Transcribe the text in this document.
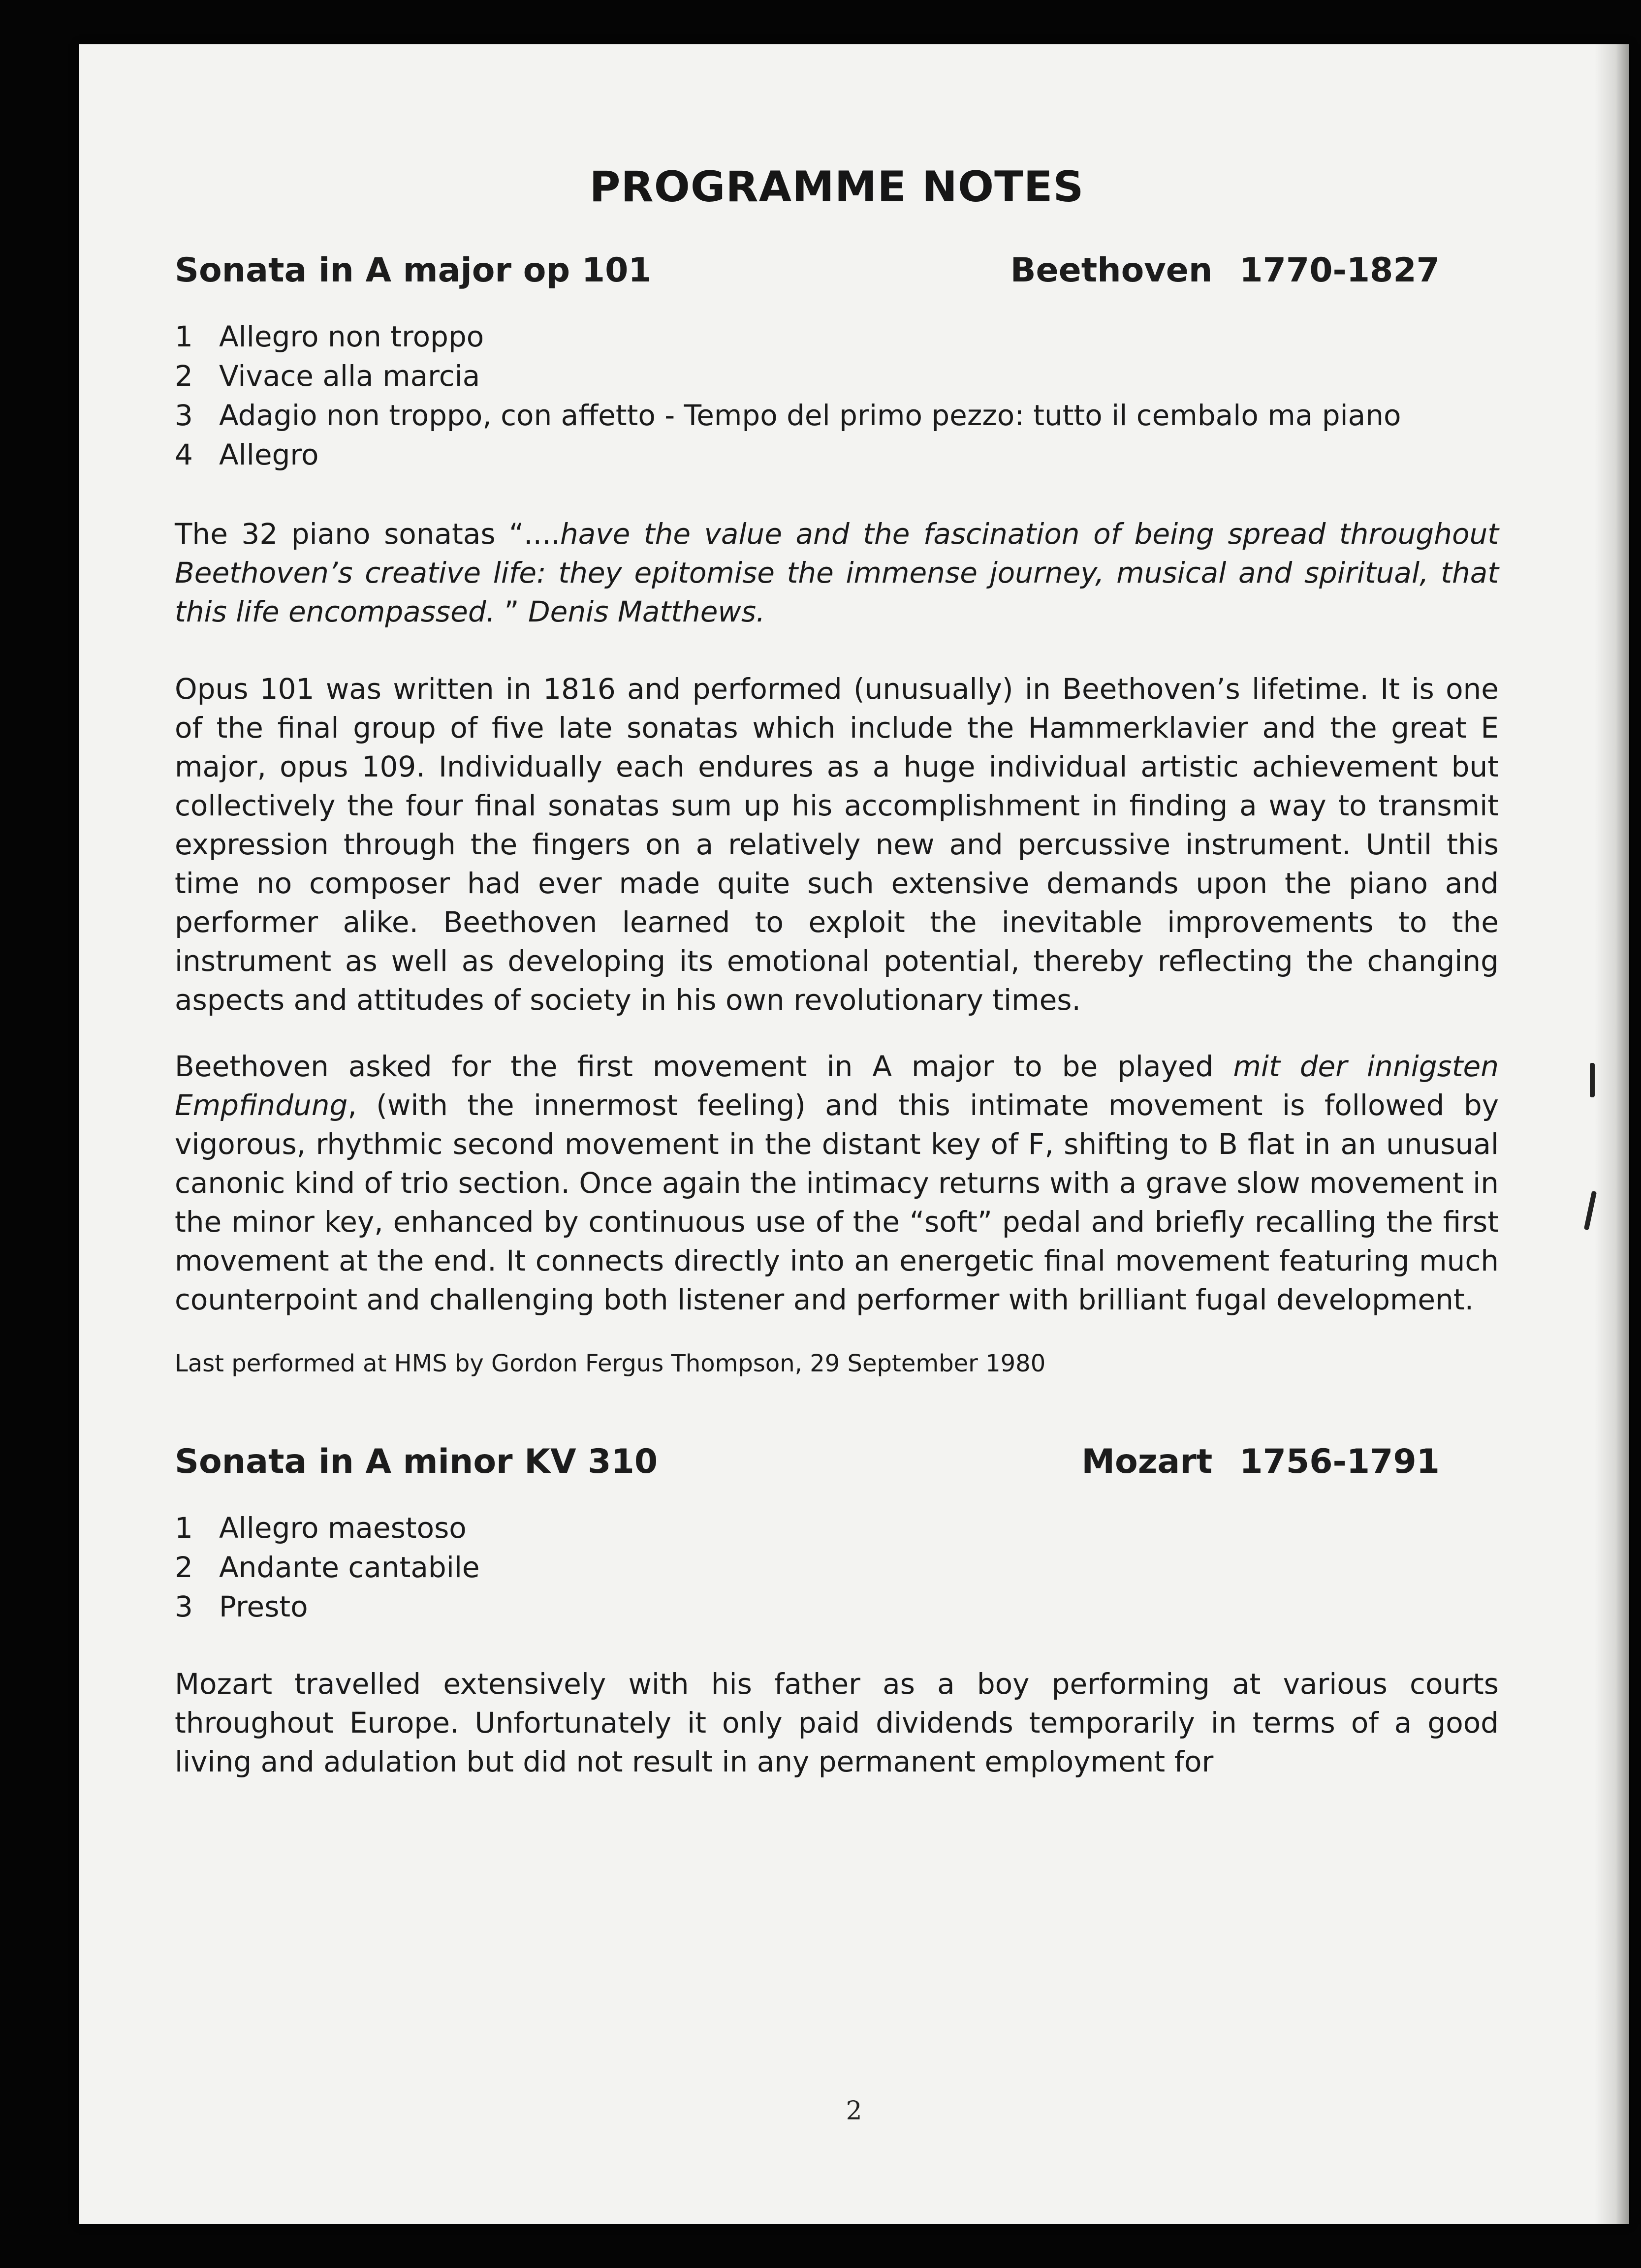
PROGRAMME NOTES
Sonata in A major op 101	Beethoven 1770-1827
1 Allegro non troppo
2 Vivace alla marcia
3 Adagio non troppo, con affetto - Tempo del primo pezzo: tutto il cembalo ma piano
4 Allegro

The 32 piano sonatas “....have the value and the fascination of being spread throughout Beethoven’s creative life: they epitomise the immense journey, musical and spiritual, that this life encompassed. ” Denis Matthews.

Opus 101 was written in 1816 and performed (unusually) in Beethoven’s lifetime. It is one of the final group of five late sonatas which include the Hammerklavier and the great E major, opus 109. Individually each endures as a huge individual artistic achievement but collectively the four final sonatas sum up his accomplishment in finding a way to transmit expression through the fingers on a relatively new and percussive instrument. Until this time no composer had ever made quite such extensive demands upon the piano and performer alike. Beethoven learned to exploit the inevitable improvements to the instrument as well as developing its emotional potential, thereby reflecting the changing aspects and attitudes of society in his own revolutionary times.

Beethoven asked for the first movement in A major to be played mit der innigsten Empfindung, (with the innermost feeling) and this intimate movement is followed by vigorous, rhythmic second movement in the distant key of F, shifting to B flat in an unusual canonic kind of trio section. Once again the intimacy returns with a grave slow movement in the minor key, enhanced by continuous use of the “soft” pedal and briefly recalling the first movement at the end. It connects directly into an energetic final movement featuring much counterpoint and challenging both listener and performer with brilliant fugal development.

Last performed at HMS by Gordon Fergus Thompson, 29 September 1980

Sonata in A minor KV 310	Mozart 1756-1791
1 Allegro maestoso
2 Andante cantabile
3 Presto

Mozart travelled extensively with his father as a boy performing at various courts throughout Europe. Unfortunately it only paid dividends temporarily in terms of a good living and adulation but did not result in any permanent employment for

2
